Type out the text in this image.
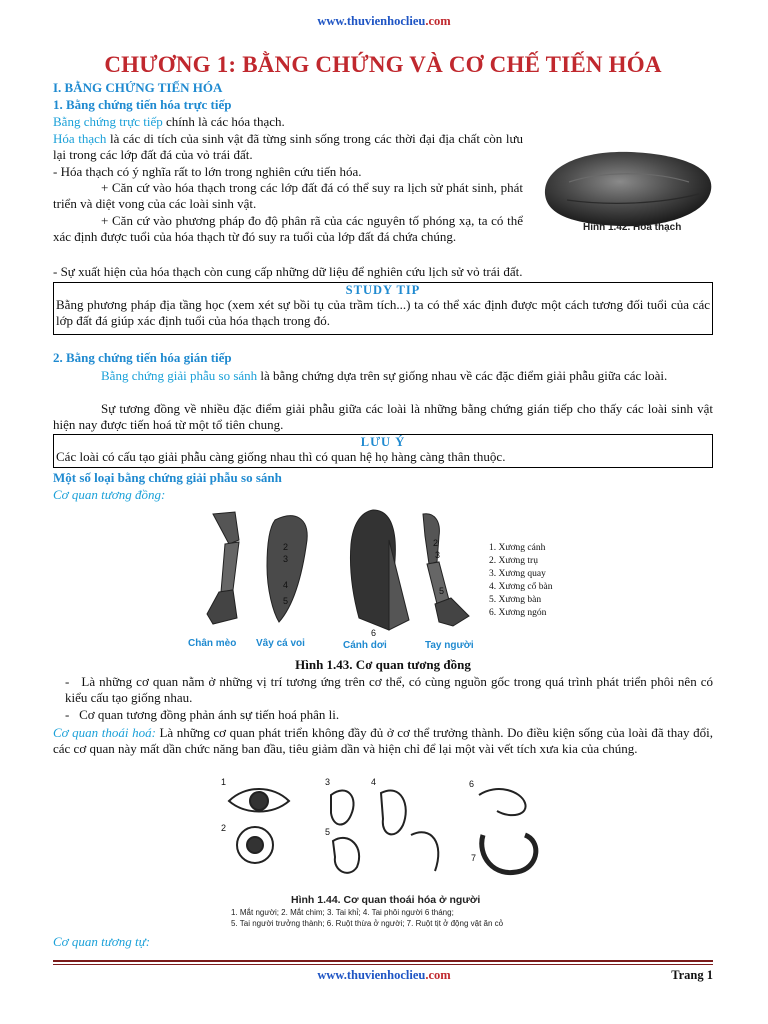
www.thuvienhoclieu.com
CHƯƠNG 1: BẰNG CHỨNG VÀ CƠ CHẾ TIẾN HÓA
I. BẰNG CHỨNG TIẾN HÓA
1. Bằng chứng tiến hóa trực tiếp
Bằng chứng trực tiếp chính là các hóa thạch.
Hóa thạch là các di tích của sinh vật đã từng sinh sống trong các thời đại địa chất còn lưu lại trong các lớp đất đá của vỏ trái đất.
- Hóa thạch có ý nghĩa rất to lớn trong nghiên cứu tiến hóa.
+ Căn cứ vào hóa thạch trong các lớp đất đá có thể suy ra lịch sử phát sinh, phát triển và diệt vong của các loài sinh vật.
+ Căn cứ vào phương pháp đo độ phân rã của các nguyên tố phóng xạ, ta có thể xác định được tuổi của hóa thạch từ đó suy ra tuổi của lớp đất đá chứa chúng.
- Sự xuất hiện của hóa thạch còn cung cấp những dữ liệu để nghiên cứu lịch sử vỏ trái đất.
Hình 1.42. Hóa thạch
STUDY TIP
Bằng phương pháp địa tầng học (xem xét sự bồi tụ của trầm tích...) ta có thể xác định được một cách tương đối tuổi của các lớp đất đá giúp xác định tuổi của hóa thạch trong đó.
2. Bằng chứng tiến hóa gián tiếp
Bằng chứng giải phẫu so sánh là bằng chứng dựa trên sự giống nhau về các đặc điểm giải phẫu giữa các loài.
Sự tương đồng về nhiều đặc điểm giải phẫu giữa các loài là những bằng chứng gián tiếp cho thấy các loài sinh vật hiện nay được tiến hoá từ một tổ tiên chung.
LƯU Ý
Các loài có cấu tạo giải phẫu càng giống nhau thì có quan hệ họ hàng càng thân thuộc.
Một số loại bằng chứng giải phẫu so sánh
Cơ quan tương đồng:
2
3
4
5
2
3
5
6
Chân mèo Vây cá voi	Cánh dơi	Tay người
1. Xương cánh
2. Xương trụ
3. Xương quay
4. Xương cổ bàn
5. Xương bàn
6. Xương ngón
Hình 1.43. Cơ quan tương đồng
-   Là những cơ quan nằm ở những vị trí tương ứng trên cơ thể, có cùng nguồn gốc trong quá trình phát triển phôi nên có kiểu cấu tạo giống nhau.
-   Cơ quan tương đồng phản ánh sự tiến hoá phân li.
Cơ quan thoái hoá: Là những cơ quan phát triển không đầy đủ ở cơ thể trưởng thành. Do điều kiện sống của loài đã thay đổi, các cơ quan này mất dần chức năng ban đầu, tiêu giảm dần và hiện chỉ để lại một vài vết tích xưa kia của chúng.
1
2
3	4
5
6
7
Hình 1.44. Cơ quan thoái hóa ở người
1. Mắt người; 2. Mắt chim; 3. Tai khỉ; 4. Tai phôi người 6 tháng;
5. Tai người trưởng thành; 6. Ruột thừa ở người; 7. Ruột tịt ở động vật ăn cỏ
Cơ quan tương tự:
www.thuvienhoclieu.com	Trang 1
